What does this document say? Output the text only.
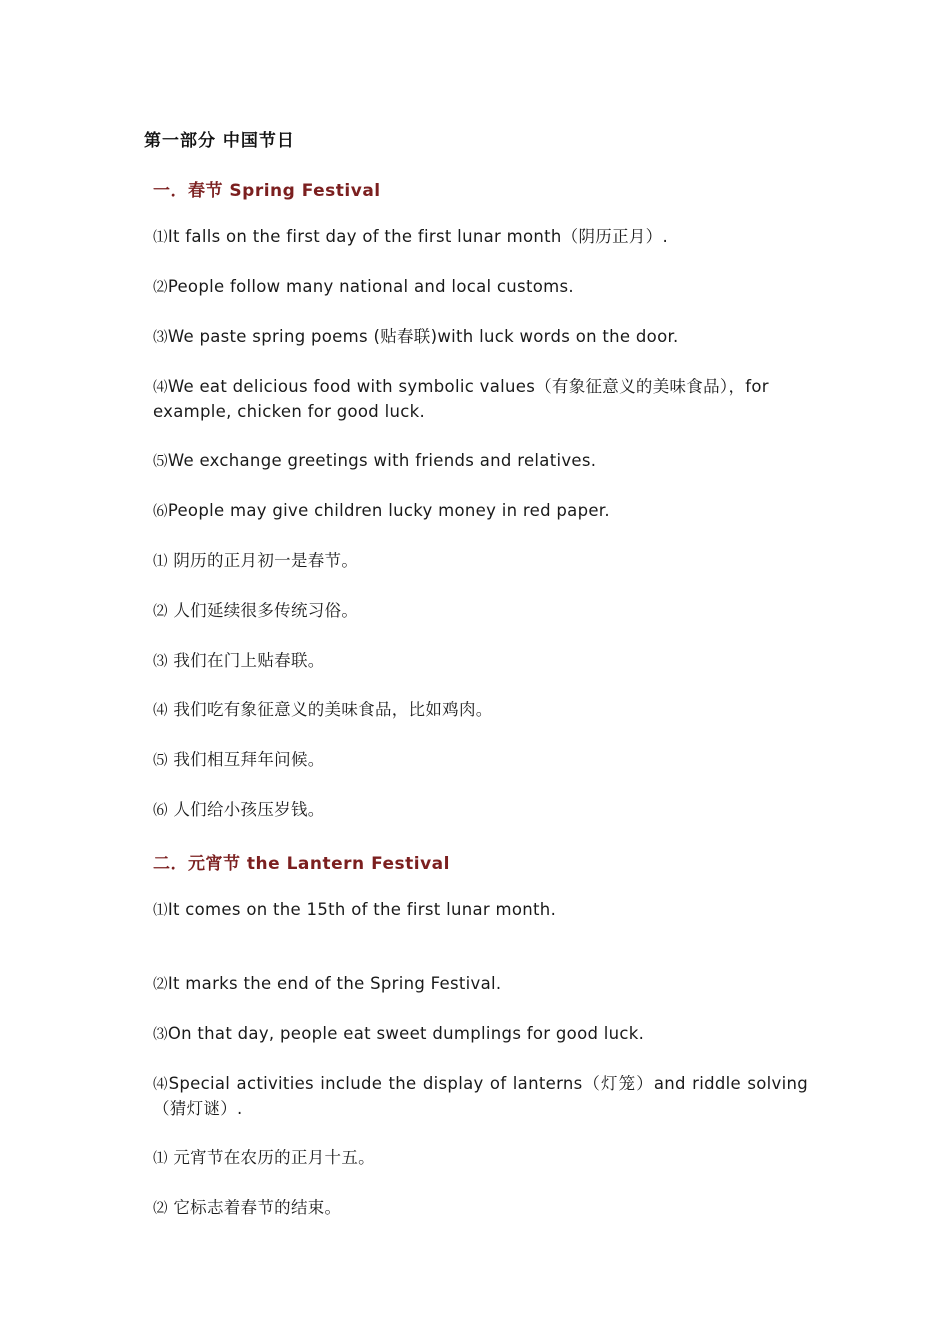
第一部分 中国节日
一．春节 Spring Festival
⑴It falls on the first day of the first lunar month（阴历正月）.
⑵People follow many national and local customs.
⑶We paste spring poems (贴春联)with luck words on the door.
⑷We eat delicious food with symbolic values（有象征意义的美味食品），for example, chicken for good luck.
⑸We exchange greetings with friends and relatives.
⑹People may give children lucky money in red paper.
⑴ 阴历的正月初一是春节。
⑵ 人们延续很多传统习俗。
⑶ 我们在门上贴春联。
⑷ 我们吃有象征意义的美味食品，比如鸡肉。
⑸ 我们相互拜年问候。
⑹ 人们给小孩压岁钱。
二．元宵节 the Lantern Festival
⑴It comes on the 15th of the first lunar month.
⑵It marks the end of the Spring Festival.
⑶On that day, people eat sweet dumplings for good luck.
⑷Special activities include the display of lanterns（灯笼）and riddle solving（猜灯谜）.
⑴ 元宵节在农历的正月十五。
⑵ 它标志着春节的结束。
